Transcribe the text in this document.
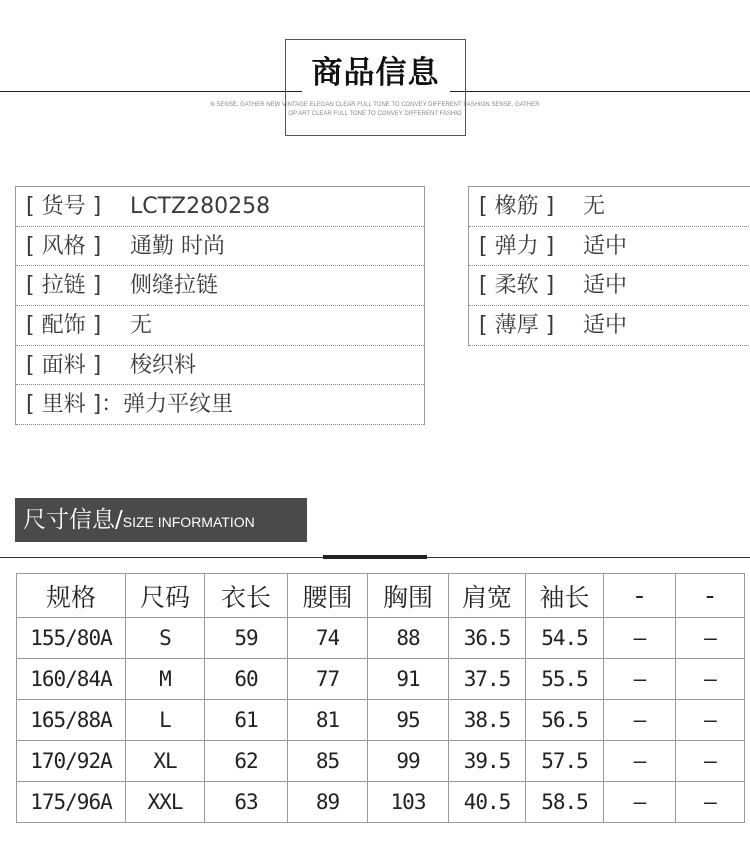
商品信息
N SENSE, GATHER NEW VINTAGE ELEGAN CLEAR FULL TONE TO CONVEY DIFFERENT FASHION SENSE, GATHER
OP ART CLEAR FULL TONE TO CONVEY DIFFERENT FASHIO
[ 货号 ] LCTZ280258
[ 风格 ] 通勤 时尚
[ 拉链 ] 侧缝拉链
[ 配饰 ] 无
[ 面料 ] 梭织料
[ 里料 ]：弹力平纹里
[ 橡筋 ] 无
[ 弹力 ] 适中
[ 柔软 ] 适中
[ 薄厚 ] 适中
尺寸信息/SIZE INFORMATION
规格	尺码	衣长	腰围	胸围	肩宽	袖长	-	-
155/80A	S	59	74	88	36.5	54.5	—	—
160/84A	M	60	77	91	37.5	55.5	—	—
165/88A	L	61	81	95	38.5	56.5	—	—
170/92A	XL	62	85	99	39.5	57.5	—	—
175/96A	XXL	63	89	103	40.5	58.5	—	—
